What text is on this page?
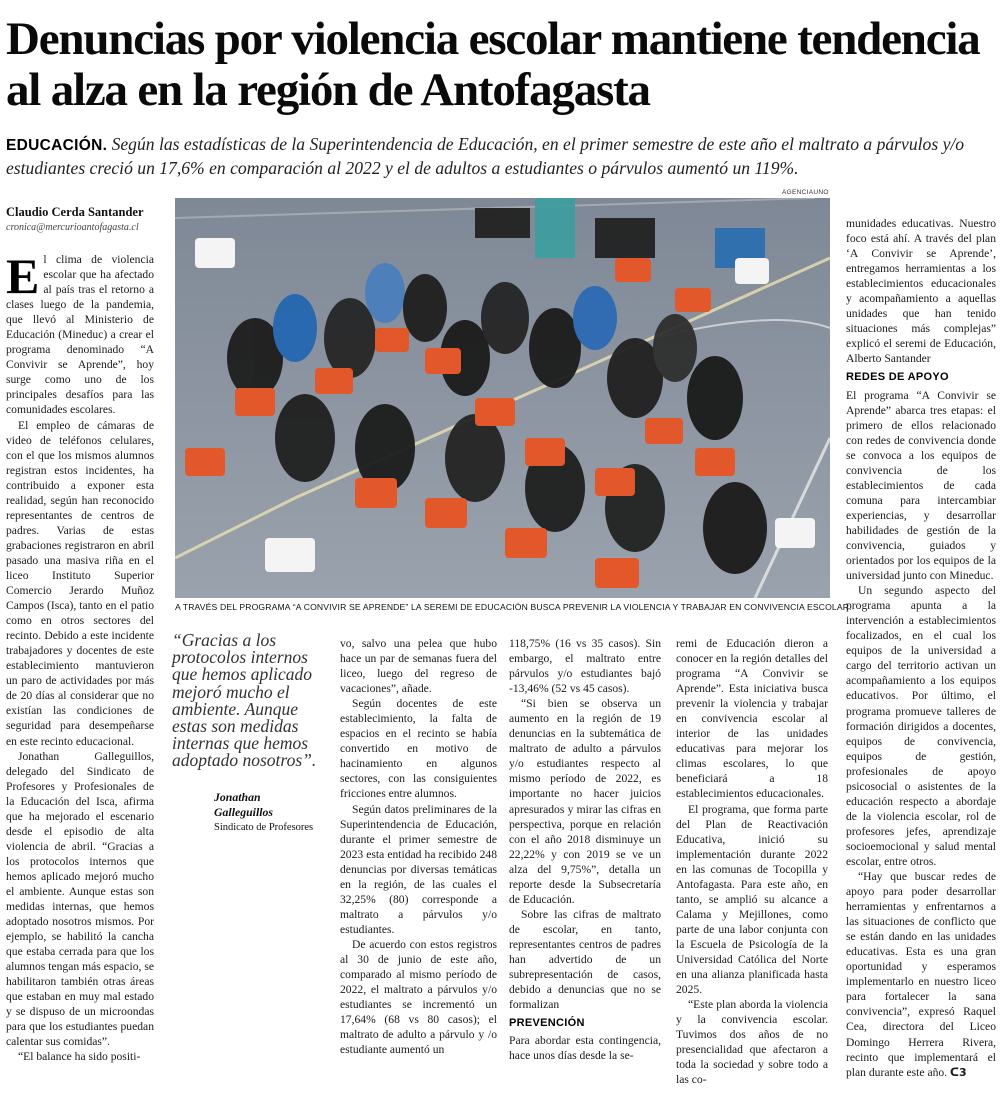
Denuncias por violencia escolar mantiene tendencia al alza en la región de Antofagasta

EDUCACIÓN. Según las estadísticas de la Superintendencia de Educación, en el primer semestre de este año el maltrato a párvulos y/o estudiantes creció un 17,6% en comparación al 2022 y el de adultos a estudiantes o párvulos aumentó un 119%.

Claudio Cerda Santander
cronica@mercurioantofagasta.cl
AGENCIAUNO
A TRAVÉS DEL PROGRAMA “A CONVIVIR SE APRENDE” LA SEREMI DE EDUCACIÓN BUSCA PREVENIR LA VIOLENCIA Y TRABAJAR EN CONVIVENCIA ESCOLAR.

El clima de violencia escolar que ha afectado al país tras el retorno a clases luego de la pandemia, que llevó al Ministerio de Educación (Mineduc) a crear el programa denominado “A Convivir se Aprende”, hoy surge como uno de los principales desafíos para las comunidades escolares.

El empleo de cámaras de video de teléfonos celulares, con el que los mismos alumnos registran estos incidentes, ha contribuido a exponer esta realidad, según han reconocido representantes de centros de padres. Varias de estas grabaciones registraron en abril pasado una masiva riña en el liceo Instituto Superior Comercio Jerardo Muñoz Campos (Isca), tanto en el patio como en otros sectores del recinto. Debido a este incidente trabajadores y docentes de este establecimiento mantuvieron un paro de actividades por más de 20 días al considerar que no existían las condiciones de seguridad para desempeñarse en este recinto educacional.

Jonathan Galleguillos, delegado del Sindicato de Profesores y Profesionales de la Educación del Isca, afirma que ha mejorado el escenario desde el episodio de alta violencia de abril. “Gracias a los protocolos internos que hemos aplicado mejoró mucho el ambiente. Aunque estas son medidas internas, que hemos adoptado nosotros mismos. Por ejemplo, se habilitó la cancha que estaba cerrada para que los alumnos tengan más espacio, se habilitaron también otras áreas que estaban en muy mal estado y se dispuso de un microondas para que los estudiantes puedan calentar sus comidas”.

“El balance ha sido positi-

“Gracias a los protocolos internos que hemos aplicado mejoró mucho el ambiente. Aunque estas son medidas internas que hemos adoptado nosotros”.

Jonathan Galleguillos
Sindicato de Profesores

vo, salvo una pelea que hubo hace un par de semanas fuera del liceo, luego del regreso de vacaciones”, añade.

Según docentes de este establecimiento, la falta de espacios en el recinto se había convertido en motivo de hacinamiento en algunos sectores, con las consiguientes fricciones entre alumnos.

Según datos preliminares de la Superintendencia de Educación, durante el primer semestre de 2023 esta entidad ha recibido 248 denuncias por diversas temáticas en la región, de las cuales el 32,25% (80) corresponde a maltrato a párvulos y/o estudiantes.

De acuerdo con estos registros al 30 de junio de este año, comparado al mismo período de 2022, el maltrato a párvulos y/o estudiantes se incrementó un 17,64% (68 vs 80 casos); el maltrato de adulto a párvulo y /o estudiante aumentó un

118,75% (16 vs 35 casos). Sin embargo, el maltrato entre párvulos y/o estudiantes bajó -13,46% (52 vs 45 casos).

“Si bien se observa un aumento en la región de 19 denuncias en la subtemática de maltrato de adulto a párvulos y/o estudiantes respecto al mismo período de 2022, es importante no hacer juicios apresurados y mirar las cifras en perspectiva, porque en relación con el año 2018 disminuye un 22,22% y con 2019 se ve un alza del 9,75%”, detalla un reporte desde la Subsecretaría de Educación.

Sobre las cifras de maltrato de escolar, en tanto, representantes centros de padres han advertido de un subrepresentación de casos, debido a denuncias que no se formalizan

PREVENCIÓN

Para abordar esta contingencia, hace unos días desde la se-

remi de Educación dieron a conocer en la región detalles del programa “A Convivir se Aprende”. Esta iniciativa busca prevenir la violencia y trabajar en convivencia escolar al interior de las unidades educativas para mejorar los climas escolares, lo que beneficiará a 18 establecimientos educacionales.

El programa, que forma parte del Plan de Reactivación Educativa, inició su implementación durante 2022 en las comunas de Tocopilla y Antofagasta. Para este año, en tanto, se amplió su alcance a Calama y Mejillones, como parte de una labor conjunta con la Escuela de Psicología de la Universidad Católica del Norte en una alianza planificada hasta 2025.

“Este plan aborda la violencia y la convivencia escolar. Tuvimos dos años de no presencialidad que afectaron a toda la sociedad y sobre todo a las co-

munidades educativas. Nuestro foco está ahí. A través del plan ‘A Convivir se Aprende’, entregamos herramientas a los establecimientos educacionales y acompañamiento a aquellas unidades que han tenido situaciones más complejas” explicó el seremi de Educación, Alberto Santander

REDES DE APOYO

El programa “A Convivir se Aprende” abarca tres etapas: el primero de ellos relacionado con redes de convivencia donde se convoca a los equipos de convivencia de los establecimientos de cada comuna para intercambiar experiencias, y desarrollar habilidades de gestión de la convivencia, guiados y orientados por los equipos de la universidad junto con Mineduc.

Un segundo aspecto del programa apunta a la intervención a establecimientos focalizados, en el cual los equipos de la universidad a cargo del territorio activan un acompañamiento a los equipos educativos. Por último, el programa promueve talleres de formación dirigidos a docentes, equipos de convivencia, equipos de gestión, profesionales de apoyo psicosocial o asistentes de la educación respecto a abordaje de la violencia escolar, rol de profesores jefes, aprendizaje socioemocional y salud mental escolar, entre otros.

“Hay que buscar redes de apoyo para poder desarrollar herramientas y enfrentarnos a las situaciones de conflicto que se están dando en las unidades educativas. Esta es una gran oportunidad y esperamos implementarlo en nuestro liceo para fortalecer la sana convivencia”, expresó Raquel Cea, directora del Liceo Domingo Herrera Rivera, recinto que implementará el plan durante este año. ᑕ3
